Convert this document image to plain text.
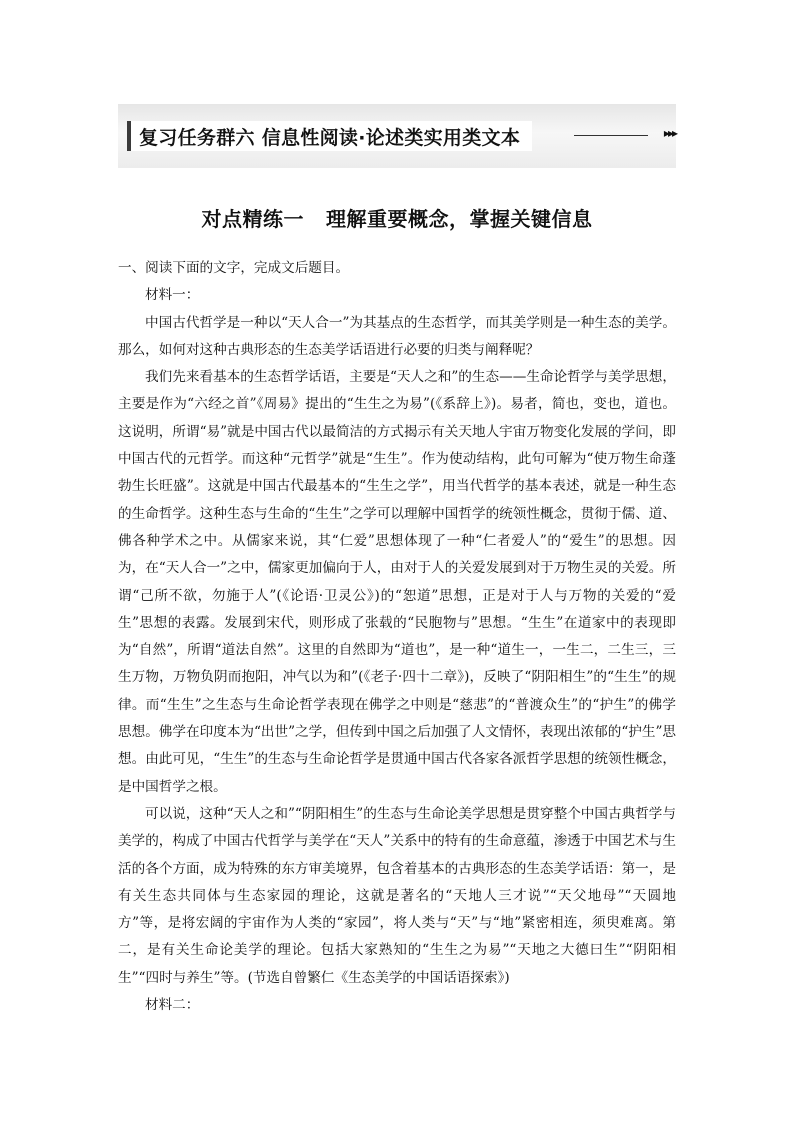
复习任务群六 信息性阅读·论述类实用类文本	▸▸▸
对点精练一 理解重要概念，掌握关键信息

一、阅读下面的文字，完成文后题目。

材料一：

中国古代哲学是一种以“天人合一”为其基点的生态哲学，而其美学则是一种生态的美学。那么，如何对这种古典形态的生态美学话语进行必要的归类与阐释呢？

我们先来看基本的生态哲学话语，主要是“天人之和”的生态——生命论哲学与美学思想，主要是作为“六经之首”《周易》提出的“生生之为易”(《系辞上》)。易者，简也，变也，道也。这说明，所谓“易”就是中国古代以最简洁的方式揭示有关天地人宇宙万物变化发展的学问，即中国古代的元哲学。而这种“元哲学”就是“生生”。作为使动结构，此句可解为“使万物生命蓬勃生长旺盛”。这就是中国古代最基本的“生生之学”，用当代哲学的基本表述，就是一种生态的生命哲学。这种生态与生命的“生生”之学可以理解中国哲学的统领性概念，贯彻于儒、道、佛各种学术之中。从儒家来说，其“仁爱”思想体现了一种“仁者爱人”的“爱生”的思想。因为，在“天人合一”之中，儒家更加偏向于人，由对于人的关爱发展到对于万物生灵的关爱。所谓“己所不欲，勿施于人”(《论语·卫灵公》)的“恕道”思想，正是对于人与万物的关爱的“爱生”思想的表露。发展到宋代，则形成了张载的“民胞物与”思想。“生生”在道家中的表现即为“自然”，所谓“道法自然”。这里的自然即为“道也”，是一种“道生一，一生二，二生三，三生万物，万物负阴而抱阳，冲气以为和”(《老子·四十二章》)，反映了“阴阳相生”的“生生”的规律。而“生生”之生态与生命论哲学表现在佛学之中则是“慈悲”的“普渡众生”的“护生”的佛学思想。佛学在印度本为“出世”之学，但传到中国之后加强了人文情怀，表现出浓郁的“护生”思想。由此可见，“生生”的生态与生命论哲学是贯通中国古代各家各派哲学思想的统领性概念，是中国哲学之根。

可以说，这种“天人之和”“阴阳相生”的生态与生命论美学思想是贯穿整个中国古典哲学与美学的，构成了中国古代哲学与美学在“天人”关系中的特有的生命意蕴，渗透于中国艺术与生活的各个方面，成为特殊的东方审美境界，包含着基本的古典形态的生态美学话语：第一，是有关生态共同体与生态家园的理论，这就是著名的“天地人三才说”“天父地母”“天圆地方”等，是将宏阔的宇宙作为人类的“家园”，将人类与“天”与“地”紧密相连，须臾难离。第二，是有关生命论美学的理论。包括大家熟知的“生生之为易”“天地之大德曰生”“阴阳相生”“四时与养生”等。(节选自曾繁仁《生态美学的中国话语探索》)

材料二：
